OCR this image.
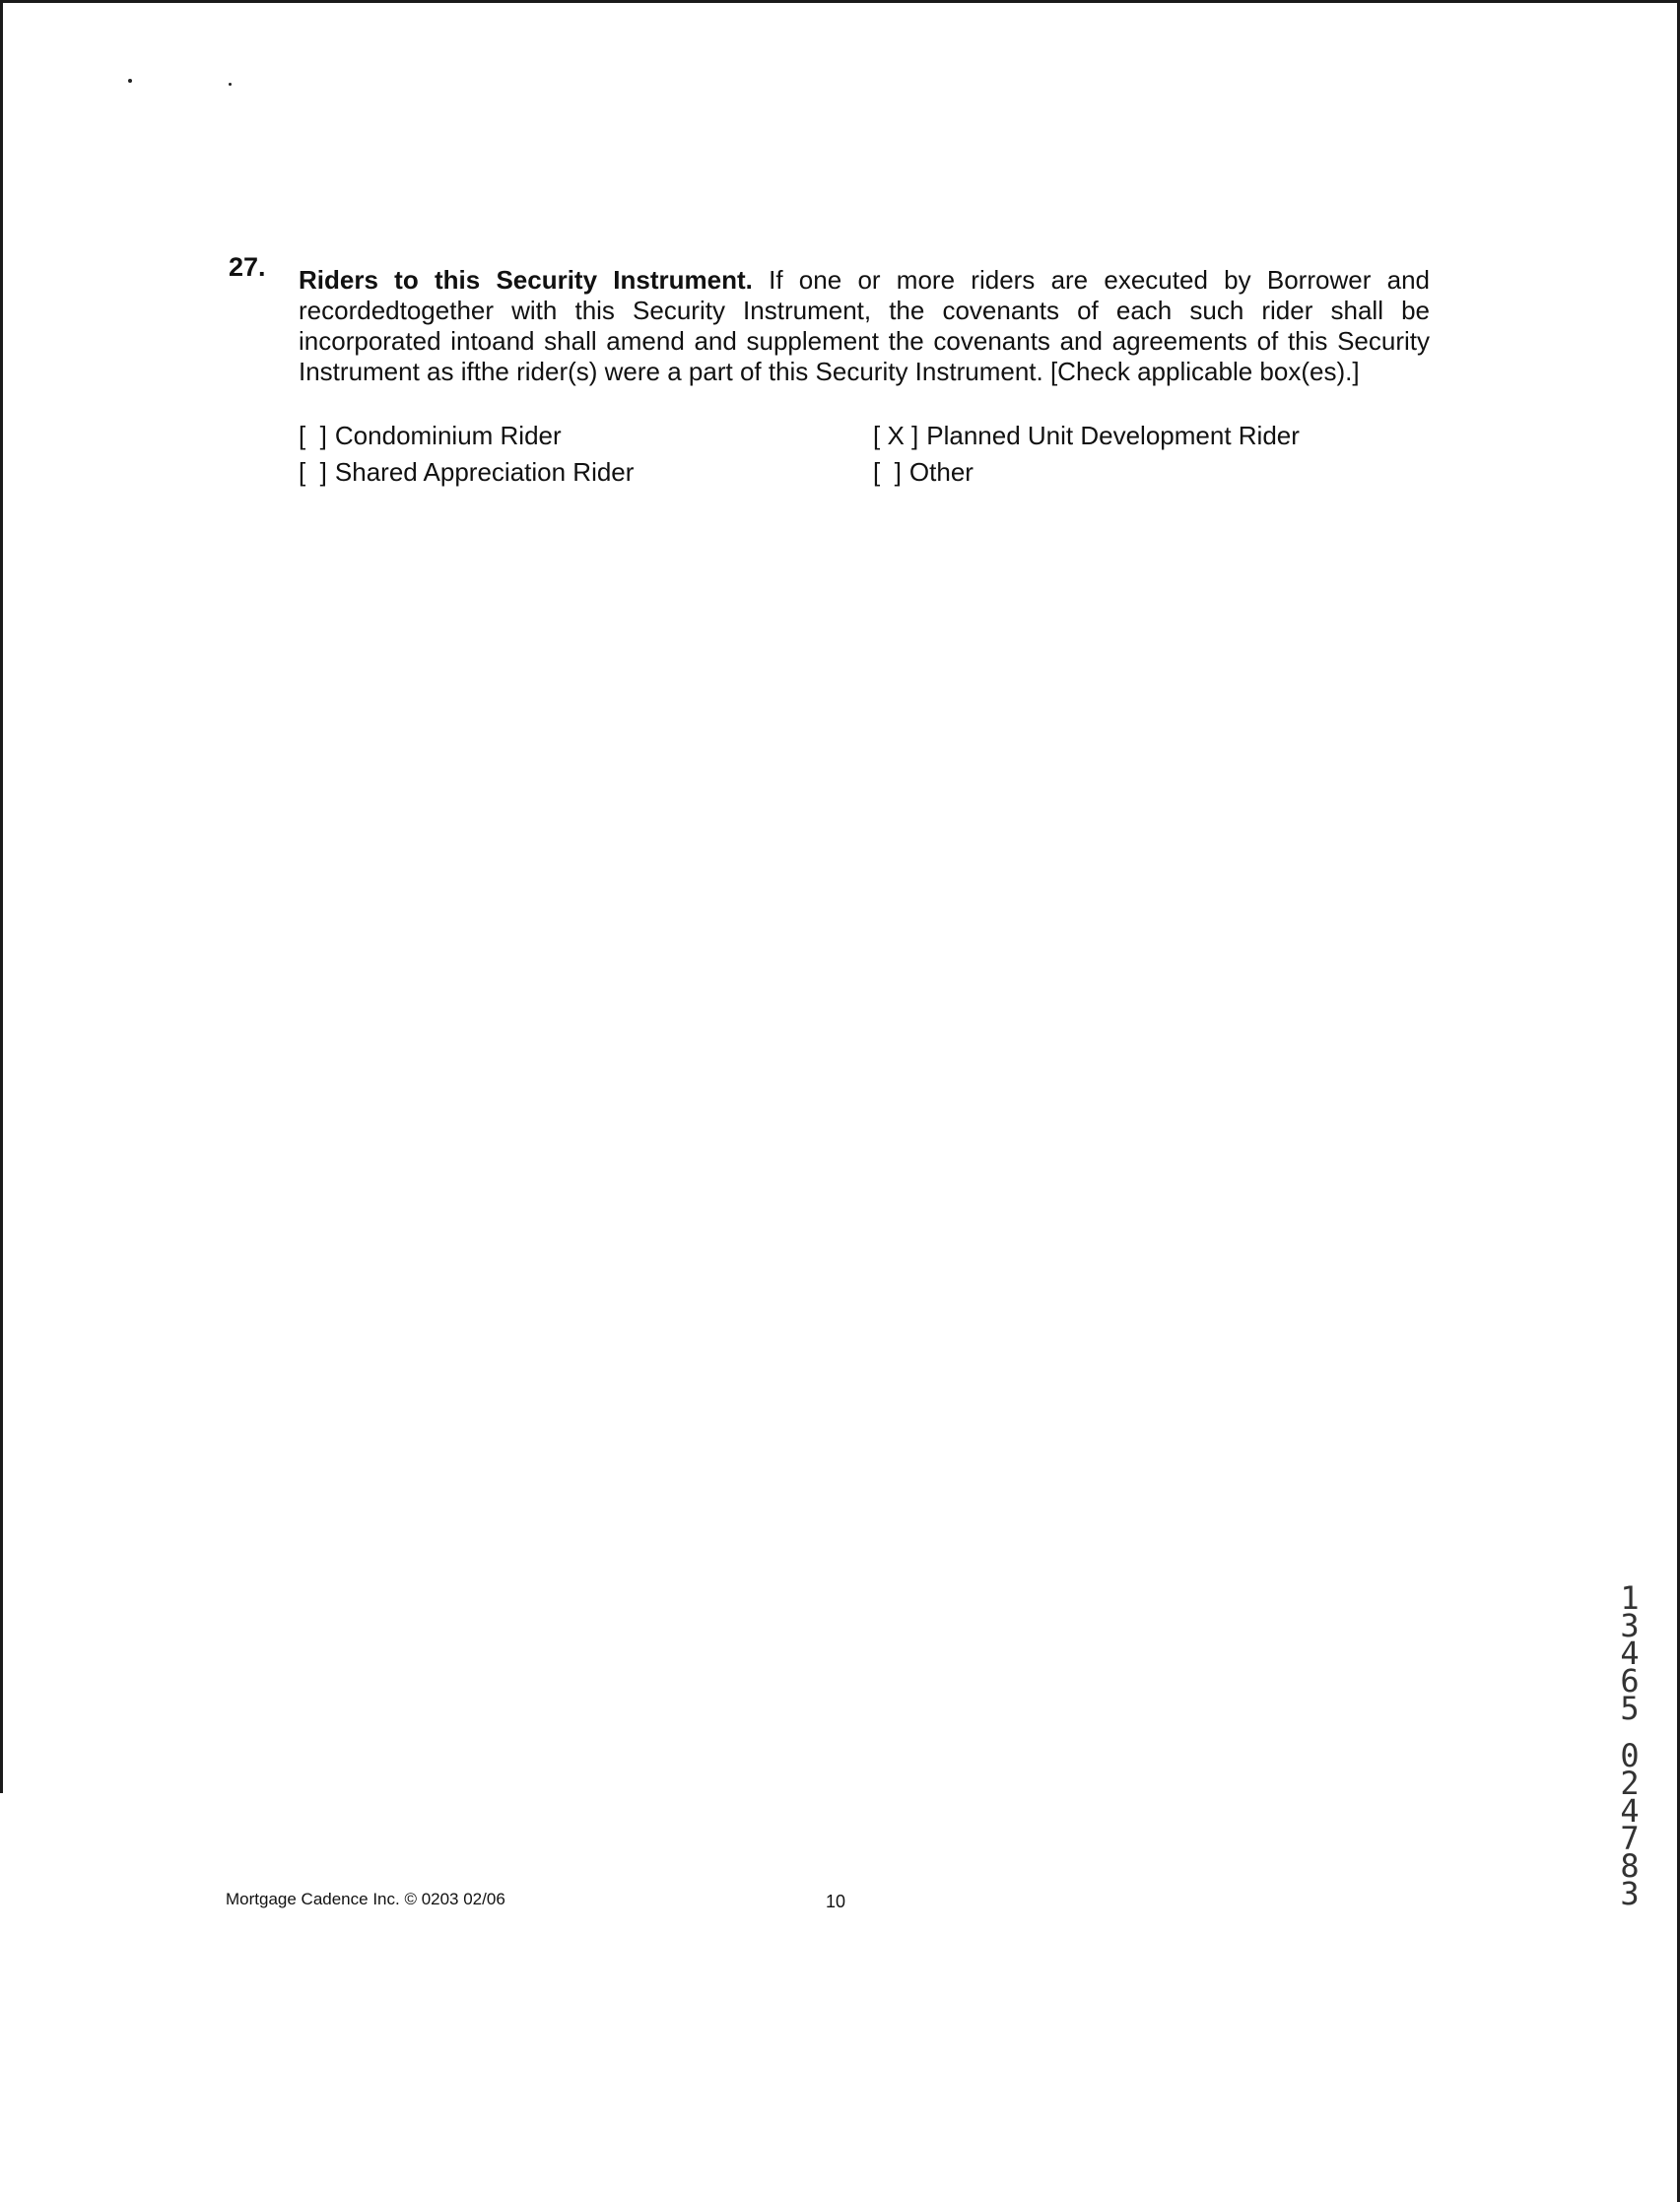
27. Riders to this Security Instrument. If one or more riders are executed by Borrower and recordedtogether with this Security Instrument, the covenants of each such rider shall be incorporated intoand shall amend and supplement the covenants and agreements of this Security Instrument as ifthe rider(s) were a part of this Security Instrument. [Check applicable box(es).]

[  ] Condominium Rider	[ X ] Planned Unit Development Rider
[  ] Shared Appreciation Rider	[  ] Other
1
3
4
6
5
0
2
4
7
8
3
Mortgage Cadence Inc. © 0203 02/06	10
